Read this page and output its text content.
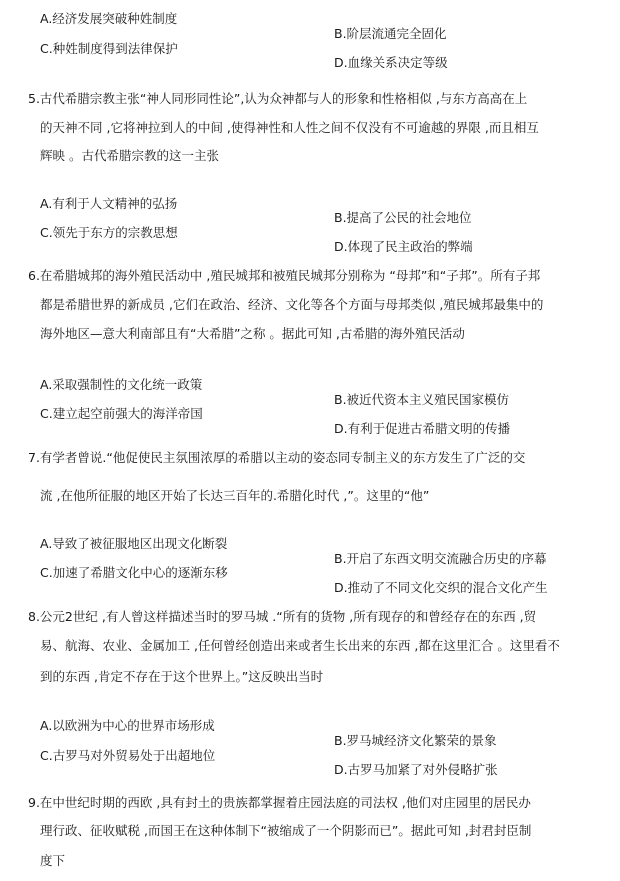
A.经济发展突破种姓制度
B.阶层流通完全固化
C.种姓制度得到法律保护
D.血缘关系决定等级
5.古代希腊宗教主张“神人同形同性论”,认为众神都与人的形象和性格相似 ,与东方高高在上
的天神不同 ,它将神拉到人的中间 ,使得神性和人性之间不仅没有不可逾越的界限 ,而且相互
辉映 。古代希腊宗教的这一主张
A.有利于人文精神的弘扬
B.提高了公民的社会地位
C.领先于东方的宗教思想
D.体现了民主政治的弊端
6.在希腊城邦的海外殖民活动中 ,殖民城邦和被殖民城邦分别称为 “母邦”和“子邦”。所有子邦
都是希腊世界的新成员 ,它们在政治、经济、文化等各个方面与母邦类似 ,殖民城邦最集中的
海外地区—意大利南部且有“大希腊”之称 。据此可知 ,古希腊的海外殖民活动
A.采取强制性的文化统一政策
B.被近代资本主义殖民国家模仿
C.建立起空前强大的海洋帝国
D.有利于促进古希腊文明的传播
7.有学者曾说.“他促使民主氛围浓厚的希腊以主动的姿态同专制主义的东方发生了广泛的交
流 ,在他所征服的地区开始了长达三百年的.希腊化时代 ,”。这里的“他”
A.导致了被征服地区出现文化断裂
B.开启了东西文明交流融合历史的序幕
C.加速了希腊文化中心的逐渐东移
D.推动了不同文化交织的混合文化产生
8.公元2世纪 ,有人曾这样描述当时的罗马城 .“所有的货物 ,所有现存的和曾经存在的东西 ,贸
易、航海、农业、金属加工 ,任何曾经创造出来或者生长出来的东西 ,都在这里汇合 。这里看不
到的东西 ,肯定不存在于这个世界上。”这反映出当时
A.以欧洲为中心的世界市场形成
B.罗马城经济文化繁荣的景象
C.古罗马对外贸易处于出超地位
D.古罗马加紧了对外侵略扩张
9.在中世纪时期的西欧 ,具有封土的贵族都掌握着庄园法庭的司法权 ,他们对庄园里的居民办
理行政、征收赋税 ,而国王在这种体制下“被缩成了一个阴影而已”。据此可知 ,封君封臣制
度下
